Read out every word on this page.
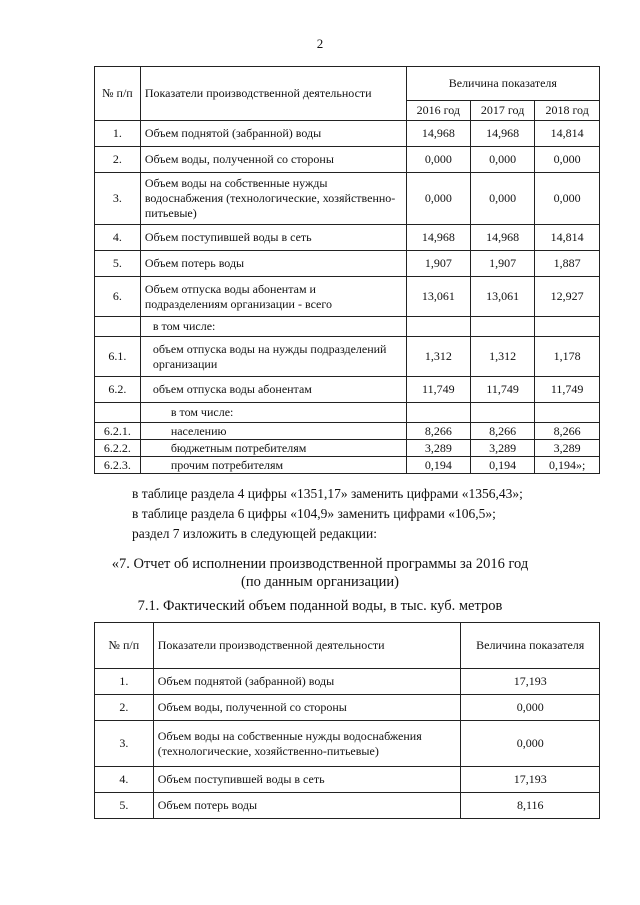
2
№ п/п	Показатели производственной деятельности	Величина показателя		
		2016 год	2017 год	2018 год
1.	Объем поднятой (забранной) воды	14,968	14,968	14,814
2.	Объем воды, полученной со стороны	0,000	0,000	0,000
3.	Объем воды на собственные нужды водоснабжения (технологические, хозяйственно-питьевые)	0,000	0,000	0,000
4.	Объем поступившей воды в сеть	14,968	14,968	14,814
5.	Объем потерь воды	1,907	1,907	1,887
6.	Объем отпуска воды абонентам и подразделениям организации - всего	13,061	13,061	12,927
	в том числе:			
6.1.	объем отпуска воды на нужды подразделений организации	1,312	1,312	1,178
6.2.	объем отпуска воды абонентам	11,749	11,749	11,749
	в том числе:			
6.2.1.	населению	8,266	8,266	8,266
6.2.2.	бюджетным потребителям	3,289	3,289	3,289
6.2.3.	прочим потребителям	0,194	0,194	0,194»;
в таблице раздела 4 цифры «1351,17» заменить цифрами «1356,43»;
в таблице раздела 6 цифры «104,9» заменить цифрами «106,5»;
раздел 7 изложить в следующей редакции:
«7. Отчет об исполнении производственной программы за 2016 год
(по данным организации)
7.1. Фактический объем поданной воды, в тыс. куб. метров
№ п/п	Показатели производственной деятельности	Величина показателя
1.	Объем поднятой (забранной) воды	17,193
2.	Объем воды, полученной со стороны	0,000
3.	Объем воды на собственные нужды водоснабжения (технологические, хозяйственно-питьевые)	0,000
4.	Объем поступившей воды в сеть	17,193
5.	Объем потерь воды	8,116
